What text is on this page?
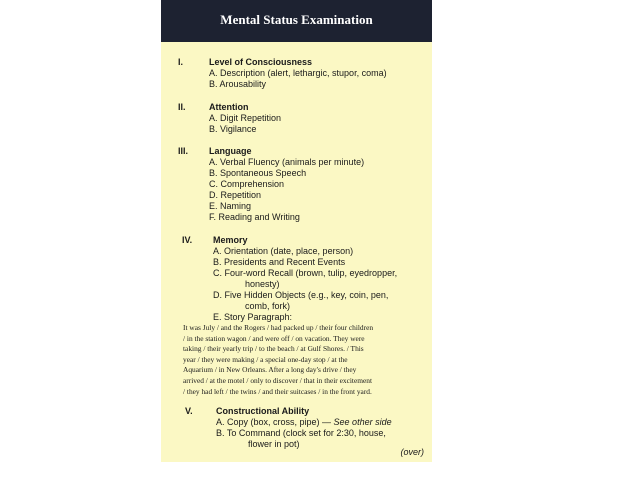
Mental Status Examination
I.	Level of Consciousness
A. Description (alert, lethargic, stupor, coma)
B. Arousability
II.	Attention
A. Digit Repetition
B. Vigilance
III. Language
A. Verbal Fluency (animals per minute)
B. Spontaneous Speech
C. Comprehension
D. Repetition
E. Naming
F. Reading and Writing
IV. Memory
A. Orientation (date, place, person)
B. Presidents and Recent Events
C. Four-word Recall (brown, tulip, eyedropper,
honesty)
D. Five Hidden Objects (e.g., key, coin, pen,
comb, fork)
E. Story Paragraph:
It was July / and the Rogers / had packed up / their four children
/ in the station wagon / and were off / on vacation. They were
taking / their yearly trip / to the beach / at Gulf Shores. / This
year / they were making / a special one-day stop / at the
Aquarium / in New Orleans. After a long day's drive / they
arrived / at the motel / only to discover / that in their excitement
/ they had left / the twins / and their suitcases / in the front yard.
V.	Constructional Ability
A. Copy (box, cross, pipe) — See other side
B. To Command (clock set for 2:30, house,
flower in pot)
(over)
